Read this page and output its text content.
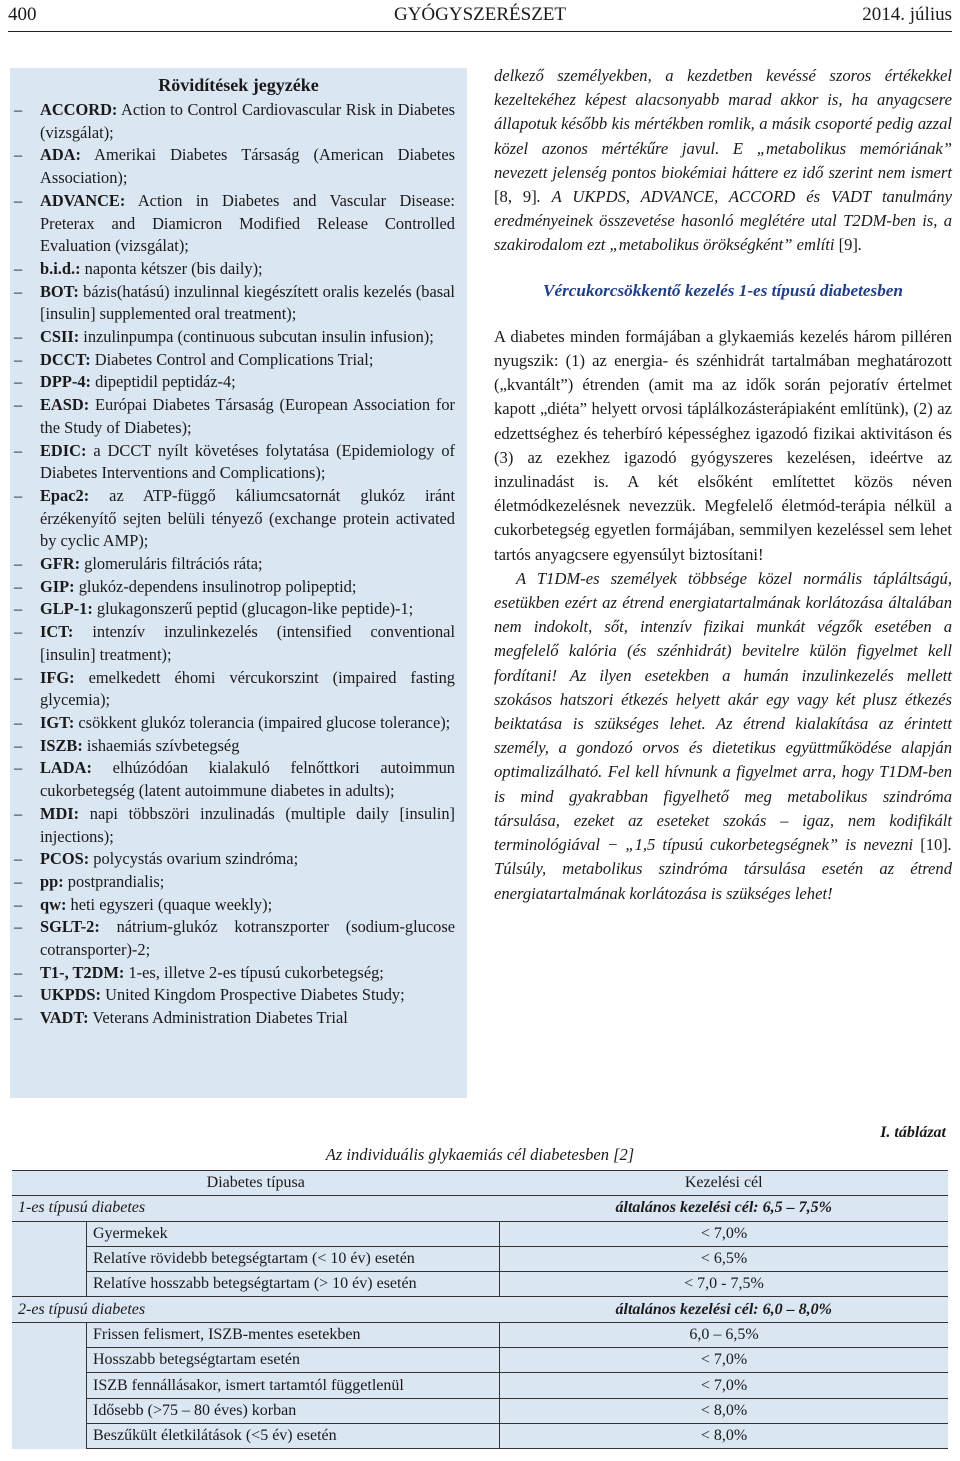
400	GYÓGYSZERÉSZET	2014. július
Rövidítések jegyzéke
– ACCORD: Action to Control Cardiovascular Risk in Diabetes (vizsgálat);
– ADA: Amerikai Diabetes Társaság (American Diabetes Association);
– ADVANCE: Action in Diabetes and Vascular Disease: Preterax and Diamicron Modified Release Controlled Evaluation (vizsgálat);
– b.i.d.: naponta kétszer (bis daily);
– BOT: bázis(hatású) inzulinnal kiegészített oralis kezelés (basal [insulin] supplemented oral treatment);
– CSII: inzulinpumpa (continuous subcutan insulin infusion);
– DCCT: Diabetes Control and Complications Trial;
– DPP-4: dipeptidil peptidáz-4;
– EASD: Európai Diabetes Társaság (European Association for the Study of Diabetes);
– EDIC: a DCCT nyílt követéses folytatása (Epidemiology of Diabetes Interventions and Complications);
– Epac2: az ATP-függő káliumcsatornát glukóz iránt érzékenyítő sejten belüli tényező (exchange protein activated by cyclic AMP);
– GFR: glomeruláris filtrációs ráta;
– GIP: glukóz-dependens insulinotrop polipeptid;
– GLP-1: glukagonszerű peptid (glucagon-like peptide)-1;
– ICT: intenzív inzulinkezelés (intensified conventional [insulin] treatment);
– IFG: emelkedett éhomi vércukorszint (impaired fasting glycemia);
– IGT: csökkent glukóz tolerancia (impaired glucose tolerance);
– ISZB: ishaemiás szívbetegség
– LADA: elhúzódóan kialakuló felnőttkori autoimmun cukorbetegség (latent autoimmune diabetes in adults);
– MDI: napi többszöri inzulinadás (multiple daily [insulin] injections);
– PCOS: polycystás ovarium szindróma;
– pp: postprandialis;
– qw: heti egyszeri (quaque weekly);
– SGLT-2: nátrium-glukóz kotranszporter (sodium-glucose cotransporter)-2;
– T1-, T2DM: 1-es, illetve 2-es típusú cukorbetegség;
– UKPDS: United Kingdom Prospective Diabetes Study;
– VADT: Veterans Administration Diabetes Trial

delkező személyekben, a kezdetben kevéssé szoros értékekkel kezeltekéhez képest alacsonyabb marad akkor is, ha anyagcsere állapotuk később kis mértékben romlik, a másik csoporté pedig azzal közel azonos mértékűre javul. E „metabolikus memóriának” nevezett jelenség pontos biokémiai háttere ez idő szerint nem ismert [8, 9]. A UKPDS, ADVANCE, ACCORD és VADT tanulmány eredményeinek összevetése hasonló meglétére utal T2DM-ben is, a szakirodalom ezt „metabolikus örökségként” említi [9].

Vércukorcsökkentő kezelés 1-es típusú diabetesben

A diabetes minden formájában a glykaemiás kezelés három pilléren nyugszik: (1) az energia- és szénhidrát tartalmában meghatározott („kvantált”) étrenden (amit ma az idők során pejoratív értelmet kapott „diéta” helyett orvosi táplálkozásterápiaként említünk), (2) az edzettséghez és teherbíró képességhez igazodó fizikai aktivitáson és (3) az ezekhez igazodó gyógyszeres kezelésen, ideértve az inzulinadást is. A két elsőként említettet közös néven életmódkezelésnek nevezzük. Megfelelő életmód-terápia nélkül a cukorbetegség egyetlen formájában, semmilyen kezeléssel sem lehet tartós anyagcsere egyensúlyt biztosítani!

A T1DM-es személyek többsége közel normális tápláltságú, esetükben ezért az étrend energiatartalmának korlátozása általában nem indokolt, sőt, intenzív fizikai munkát végzők esetében a megfelelő kalória (és szénhidrát) bevitelre külön figyelmet kell fordítani! Az ilyen esetekben a humán inzulinkezelés mellett szokásos hatszori étkezés helyett akár egy vagy két plusz étkezés beiktatása is szükséges lehet. Az étrend kialakítása az érintett személy, a gondozó orvos és dietetikus együttműködése alapján optimalizálható. Fel kell hívnunk a figyelmet arra, hogy T1DM-ben is mind gyakrabban figyelhető meg metabolikus szindróma társulása, ezeket az eseteket szokás – igaz, nem kodifikált terminológiával − „1,5 típusú cukorbetegségnek” is nevezni [10]. Túlsúly, metabolikus szindróma társulása esetén az étrend energiatartalmának korlátozása is szükséges lehet!

I. táblázat
Az individuális glykaemiás cél diabetesben [2]
Diabetes típusa		Kezelési cél
1-es típusú diabetes		általános kezelési cél: 6,5 – 7,5%
	Gyermekek	< 7,0%
	Relatíve rövidebb betegségtartam (< 10 év) esetén	< 6,5%
	Relatíve hosszabb betegségtartam (> 10 év) esetén	< 7,0 - 7,5%
2-es típusú diabetes		általános kezelési cél: 6,0 – 8,0%
	Frissen felismert, ISZB-mentes esetekben	6,0 – 6,5%
	Hosszabb betegségtartam esetén	< 7,0%
	ISZB fennállásakor, ismert tartamtól függetlenül	< 7,0%
	Idősebb (>75 – 80 éves) korban	< 8,0%
	Beszűkült életkilátások (<5 év) esetén	< 8,0%
